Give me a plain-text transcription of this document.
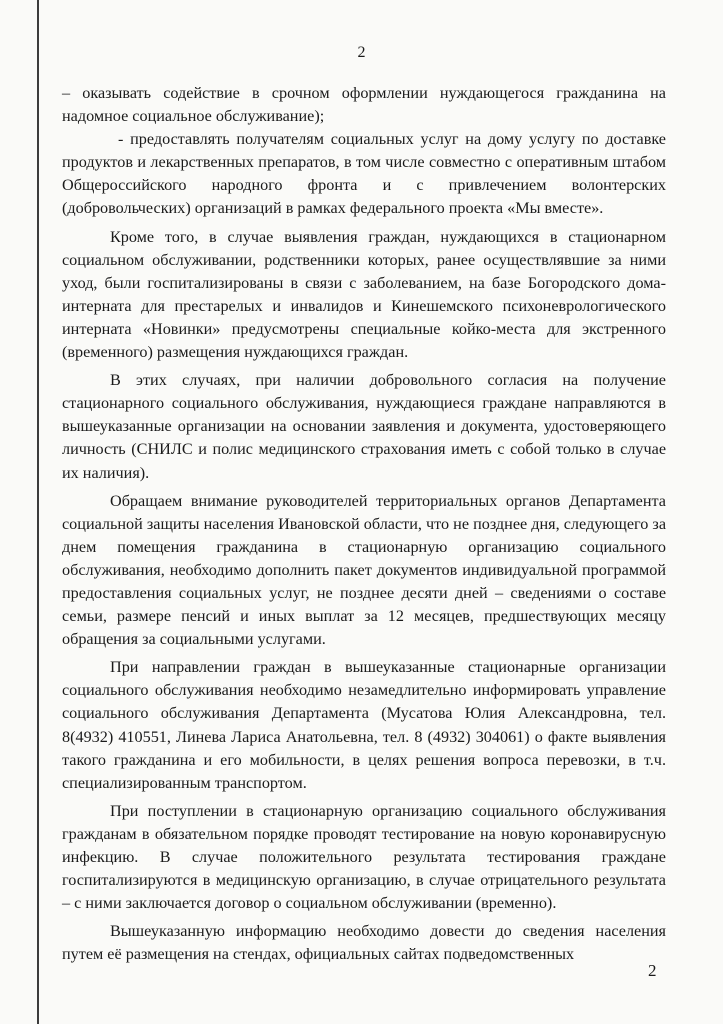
2

– оказывать содействие в срочном оформлении нуждающегося гражданина на надомное социальное обслуживание);

- предоставлять получателям социальных услуг на дому услугу по доставке продуктов и лекарственных препаратов, в том числе совместно с оперативным штабом Общероссийского народного фронта и с привлечением волонтерских (добровольческих) организаций в рамках федерального проекта «Мы вместе».

Кроме того, в случае выявления граждан, нуждающихся в стационарном социальном обслуживании, родственники которых, ранее осуществлявшие за ними уход, были госпитализированы в связи с заболеванием, на базе Богородского дома-интерната для престарелых и инвалидов и Кинешемского психоневрологического интерната «Новинки» предусмотрены специальные койко-места для экстренного (временного) размещения нуждающихся граждан.

В этих случаях, при наличии добровольного согласия на получение стационарного социального обслуживания, нуждающиеся граждане направляются в вышеуказанные организации на основании заявления и документа, удостоверяющего личность (СНИЛС и полис медицинского страхования иметь с собой только в случае их наличия).

Обращаем внимание руководителей территориальных органов Департамента социальной защиты населения Ивановской области, что не позднее дня, следующего за днем помещения гражданина в стационарную организацию социального обслуживания, необходимо дополнить пакет документов индивидуальной программой предоставления социальных услуг, не позднее десяти дней – сведениями о составе семьи, размере пенсий и иных выплат за 12 месяцев, предшествующих месяцу обращения за социальными услугами.

При направлении граждан в вышеуказанные стационарные организации социального обслуживания необходимо незамедлительно информировать управление социального обслуживания Департамента (Мусатова Юлия Александровна, тел. 8(4932) 410551, Линева Лариса Анатольевна, тел. 8 (4932) 304061) о факте выявления такого гражданина и его мобильности, в целях решения вопроса перевозки, в т.ч. специализированным транспортом.

При поступлении в стационарную организацию социального обслуживания гражданам в обязательном порядке проводят тестирование на новую коронавирусную инфекцию. В случае положительного результата тестирования граждане госпитализируются в медицинскую организацию, в случае отрицательного результата – с ними заключается договор о социальном обслуживании (временно).

Вышеуказанную информацию необходимо довести до сведения населения путем её размещения на стендах, официальных сайтах подведомственных

2
